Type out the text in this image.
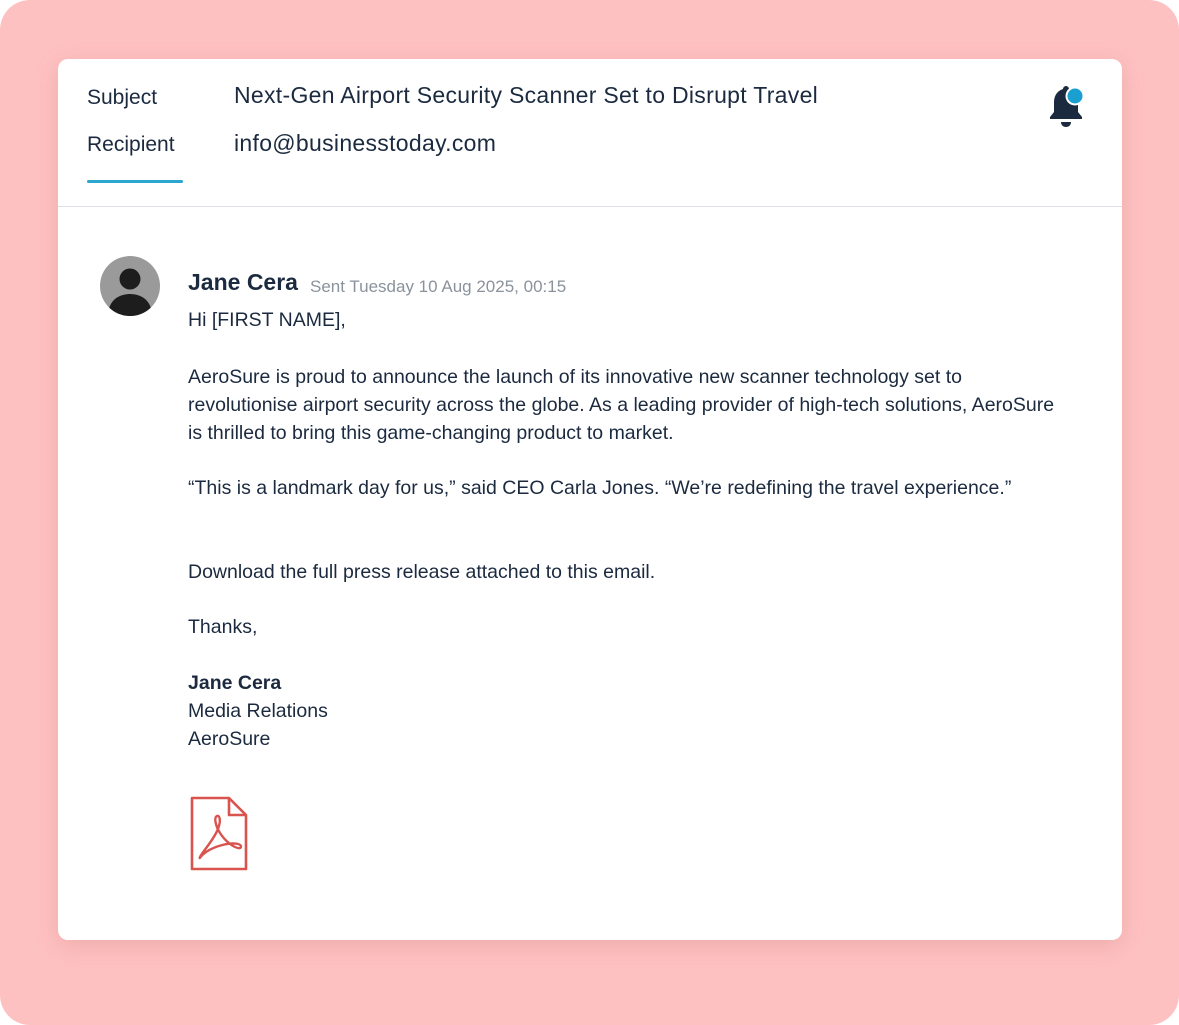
Subject
Recipient
Next-Gen Airport Security Scanner Set to Disrupt Travel
info@businesstoday.com
Jane Cera Sent Tuesday 10 Aug 2025, 00:15
Hi [FIRST NAME],
AeroSure is proud to announce the launch of its innovative new scanner technology set to revolutionise airport security across the globe. As a leading provider of high-tech solutions, AeroSure is thrilled to bring this game-changing product to market.
“This is a landmark day for us,” said CEO Carla Jones. “We’re redefining the travel experience.”
Download the full press release attached to this email.
Thanks,

Jane Cera

Media Relations

AeroSure
